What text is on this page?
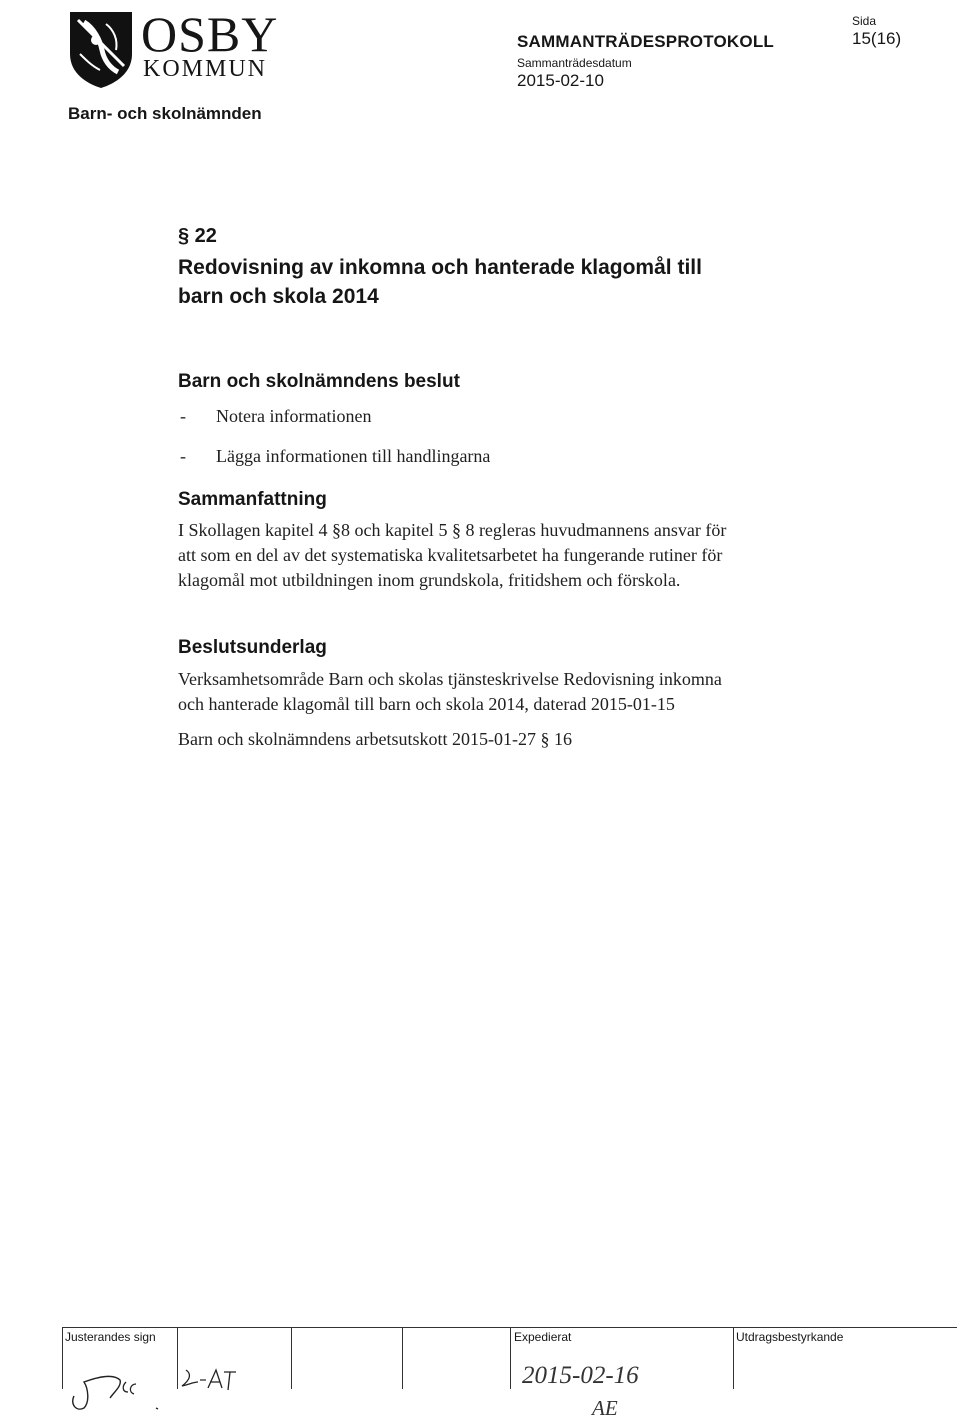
OSBY
KOMMUN
Barn- och skolnämnden
SAMMANTRÄDESPROTOKOLL
Sammanträdesdatum
2015-02-10
Sida
15(16)

§ 22

Redovisning av inkomna och hanterade klagomål till

barn och skola 2014

Barn och skolnämndens beslut

- Notera informationen

- Lägga informationen till handlingarna

Sammanfattning

I Skollagen kapitel 4 §8 och kapitel 5 § 8 regleras huvudmannens ansvar för

att som en del av det systematiska kvalitetsarbetet ha fungerande rutiner för

klagomål mot utbildningen inom grundskola, fritidshem och förskola.

Beslutsunderlag

Verksamhetsområde Barn och skolas tjänsteskrivelse Redovisning inkomna

och hanterade klagomål till barn och skola 2014, daterad 2015-01-15

Barn och skolnämndens arbetsutskott 2015-01-27 § 16

Justerandes sign	Expedierat	Utdragsbestyrkande
2015-02-16
AE
